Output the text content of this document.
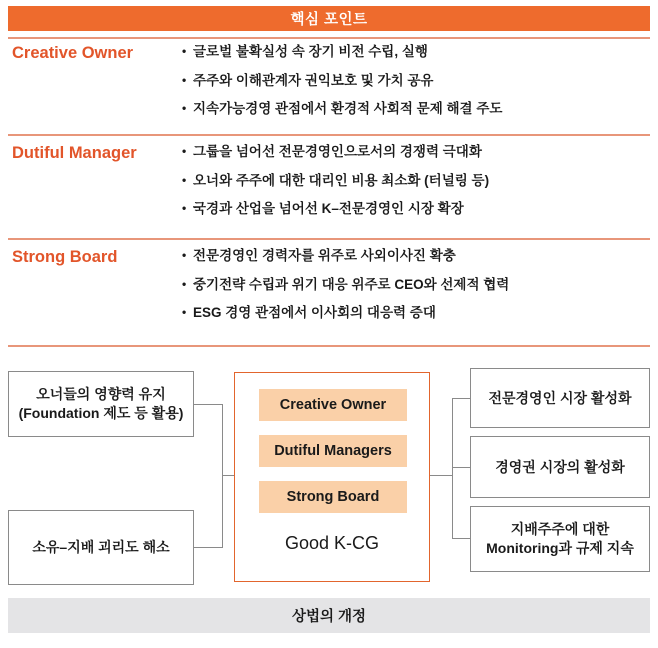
핵심 포인트
Creative Owner	• 글로벌 불확실성 속 장기 비전 수립, 실행
• 주주와 이해관계자 권익보호 및 가치 공유
• 지속가능경영 관점에서 환경적 사회적 문제 해결 주도
Dutiful Manager	• 그룹을 넘어선 전문경영인으로서의 경쟁력 극대화
• 오너와 주주에 대한 대리인 비용 최소화 (터널링 등)
• 국경과 산업을 넘어선 K–전문경영인 시장 확장
Strong Board	• 전문경영인 경력자를 위주로 사외이사진 확충
• 중기전략 수립과 위기 대응 위주로 CEO와 선제적 협력
• ESG 경영 관점에서 이사회의 대응력 증대
오너들의 영향력 유지
(Foundation 제도 등 활용)
소유–지배 괴리도 해소
Creative Owner
Dutiful Managers
Strong Board
Good K-CG
전문경영인 시장 활성화
경영권 시장의 활성화
지배주주에 대한
Monitoring과 규제 지속
상법의 개정
